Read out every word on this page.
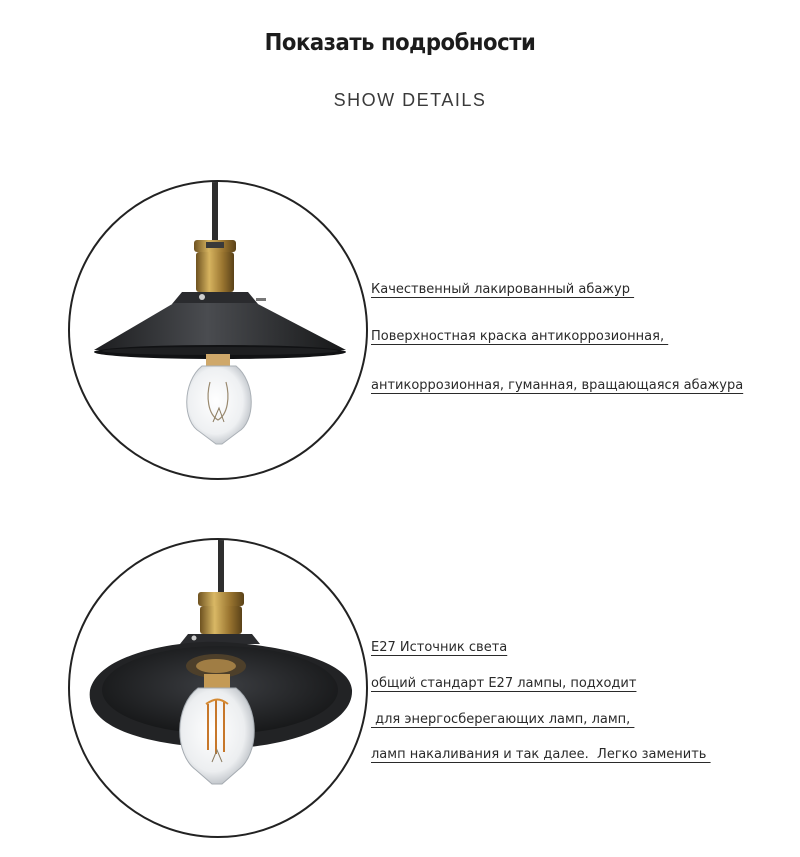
Показать подробности
SHOW DETAILS
Качественный лакированный абажур
Поверхностная краска антикоррозионная,
антикоррозионная, гуманная, вращающаяся абажура
E27 Источник света
общий стандарт E27 лампы, подходит
для энергосберегающих ламп, ламп,
ламп накаливания и так далее.  Легко заменить
